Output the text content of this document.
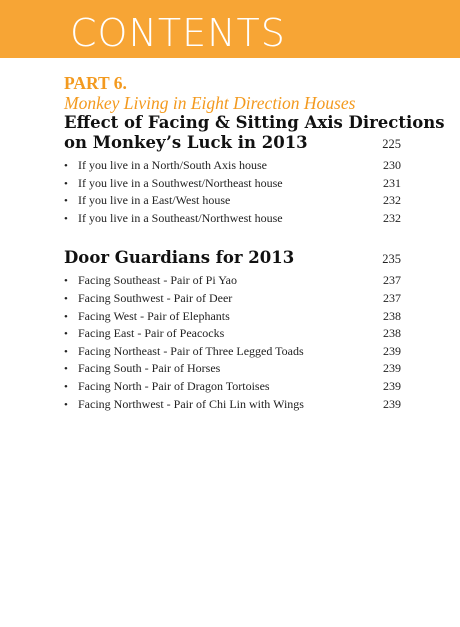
CONTENTS
PART 6.
Monkey Living in Eight Direction Houses
Effect of Facing & Sitting Axis Directions
on Monkey’s Luck in 2013	225
• If you live in a North/South Axis house	230
• If you live in a Southwest/Northeast house	231
• If you live in a East/West house	232
• If you live in a Southeast/Northwest house	232
Door Guardians for 2013	235
• Facing Southeast - Pair of Pi Yao	237
• Facing Southwest - Pair of Deer	237
• Facing West - Pair of Elephants	238
• Facing East - Pair of Peacocks	238
• Facing Northeast - Pair of Three Legged Toads	239
• Facing South - Pair of Horses	239
• Facing North - Pair of Dragon Tortoises	239
• Facing Northwest - Pair of Chi Lin with Wings	239
